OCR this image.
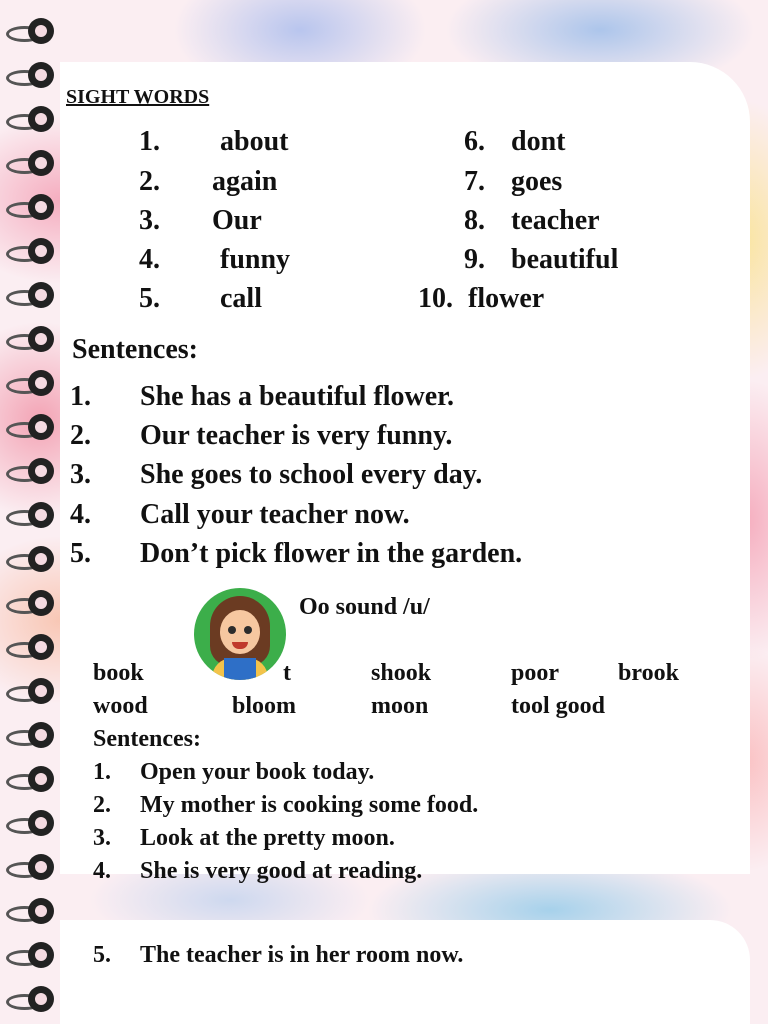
SIGHT WORDS
1. about
2. again
3. Our
4. funny
5. call
6. dont
7. goes
8. teacher
9. beautiful
10. flower
Sentences:
1. She has a beautiful flower.
2. Our teacher is very funny.
3. She goes to school every day.
4. Call your teacher now.
5. Don’t pick flower in the garden.
Oo sound /u/
book	t	shook	poor brook
wood	bloom	moon	tool good
Sentences:
1. Open your book today.
2. My mother is cooking some food.
3. Look at the pretty moon.
4. She is very good at reading.
5. The teacher is in her room now.
